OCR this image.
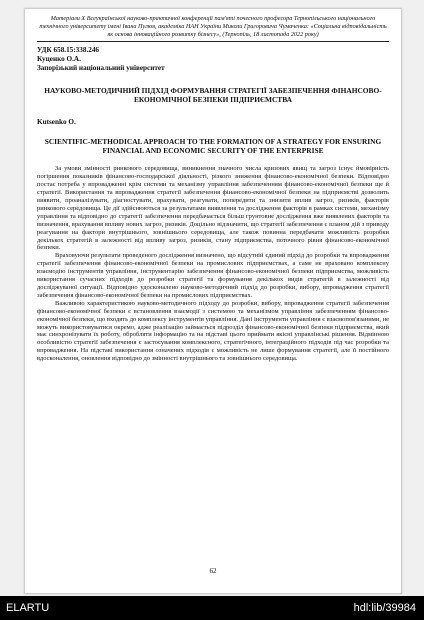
Матеріали X Всеукраїнської науково-практичної конференції пам'яті почесного професора Тернопільського національного технічного університету імені Івана Пулюя, академіка НАН України Миколи Григоровича Чумаченка: «Соціальна відповідальність як основа інноваційного розвитку бізнесу», (Тернопіль, 18 листопада 2022 року)
УДК 658.15:338.246
Куценко О.А.
Запорізький національний університет
НАУКОВО-МЕТОДИЧНИЙ ПІДХІД ФОРМУВАННЯ СТРАТЕГІЇ ЗАБЕЗПЕЧЕННЯ ФІНАНСОВО-ЕКОНОМІЧНОЇ БЕЗПЕКИ ПІДПРИЄМСТВА
Kutsenko O.
SCIENTIFIC-METHODICAL APPROACH TO THE FORMATION OF A STRATEGY FOR ENSURING FINANCIAL AND ECONOMIC SECURITY OF THE ENTERPRISE

За умови змінності ринкового середовища, виникнення значного числа кризових явищ та загроз існує ймовірність погіршення показників фінансово-господарської діяльності, різкого зниження фінансово-економічної безпеки. Відповідно постає потреба у впровадженні крім системи та механізму управління забезпеченням фінансово-економічної безпеки ще й стратегії. Використання та впровадження стратегії забезпечення фінансово-економічної безпеки на підприємстві дозволить виявити, проаналізувати, діагностувати, врахувати, реагувати, попередити та знизити вплив загроз, ризиків, факторів ринкового середовища. Це дії здійснюються за результатами виявлення та дослідження факторів в рамках системи, механізму управління та відповідно до стратегії забезпечення передбачається більш грунтовне дослідження вже виявлених факторів та визначення, врахування впливу нових загроз, ризиків. Доцільно відзначити, що стратегії забезпечення є планом дій з приводу реагування на фактори внутрішнього, зовнішнього середовища, але також повинна передбачати можливість розробки декількох стратегій в залежності від впливу загроз, ризиків, стану підприємства, поточного рівня фінансово-економічної безпеки.

Враховуючи результати проведеного дослідження визначено, що відсутній єдиний підхід до розробки та впровадження стратегії забезпечення фінансово-економічної безпеки на промислових підприємствах, а саме не враховано комплексну взаємодію інструментів управління, інструментарію забезпечення фінансово-економічної безпеки підприємства, можливість використання сучасних підходів до розробки стратегії та формування декількох видів стратегій в залежності від досліджуваної ситуації. Відповідно удосконалено науково-методичний підхід до розробки, вибору, впровадження стратегії забезпечення фінансово-економічної безпеки на промислових підприємствах.

Важливою характеристикою науково-методичного підходу до розробки, вибору, впровадження стратегії забезпечення фінансово-економічної безпеки є встановлення взаємодії з системою та механізмом управління забезпеченням фінансово-економічної безпеки, що входять до комплексу інструментів управління. Дані інструменти управління є взаємопов'язаними, не можуть використовуватися окремо, адже реалізацію займається підрозділ фінансово-економічної безпеки підприємства, який має синхронізувати їх роботу, обробляти інформацію та на підставі цього приймати якісні управлінські рішення. Відмінною особливістю стратегії забезпечення є застосування комплексного, стратегічного, інтеграційного підходів під час розробки та впровадження. На підставі використання означених підходів є можливість не лише формування стратегії, але її постійного вдосконалення, оновлення відповідно до змінності внутрішнього та зовнішнього середовища.

62
ELARTU	hdl:lib/39984
